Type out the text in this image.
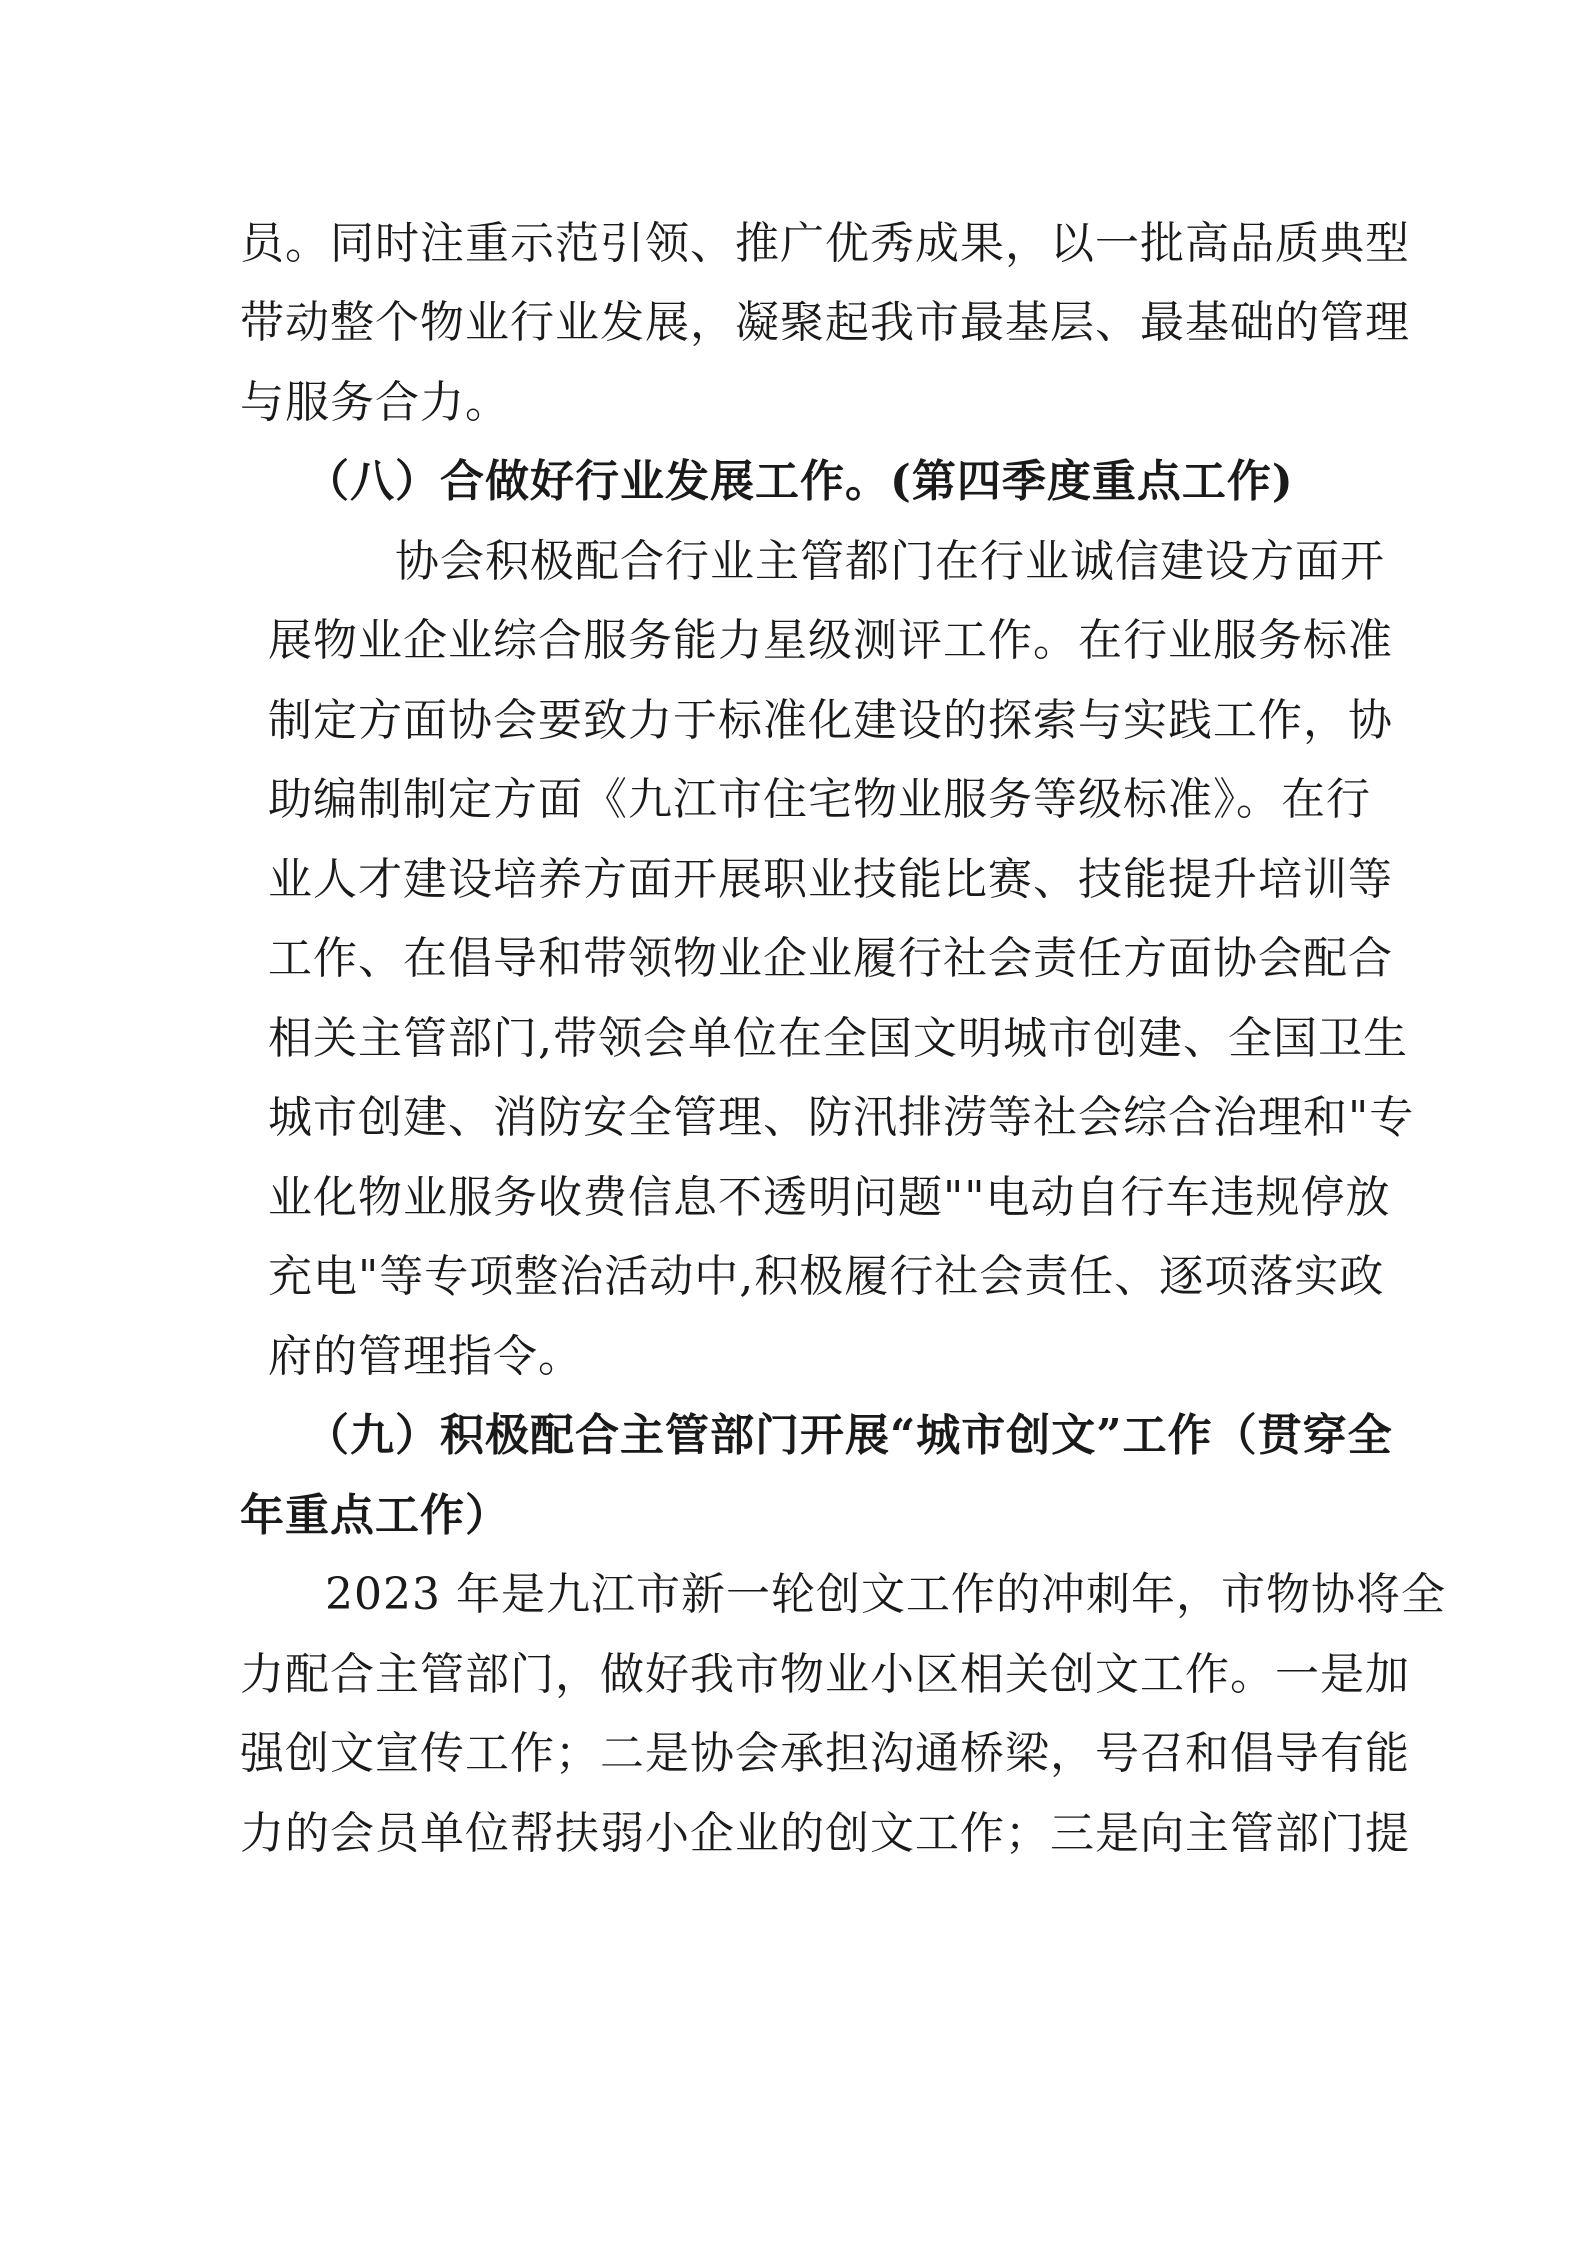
员。同时注重示范引领、推广优秀成果，以一批高品质典型
带动整个物业行业发展，凝聚起我市最基层、最基础的管理
与服务合力。
（八）合做好行业发展工作。(第四季度重点工作)
协会积极配合行业主管都门在行业诚信建设方面开
展物业企业综合服务能力星级测评工作。在行业服务标准
制定方面协会要致力于标准化建设的探索与实践工作，协
助编制制定方面《九江市住宅物业服务等级标准》。在行
业人才建设培养方面开展职业技能比赛、技能提升培训等
工作、在倡导和带领物业企业履行社会责任方面协会配合
相关主管部门,带领会单位在全国文明城市创建、全国卫生
城市创建、消防安全管理、防汛排涝等社会综合治理和"专
业化物业服务收费信息不透明问题""电动自行车违规停放
充电"等专项整治活动中,积极履行社会责任、逐项落实政
府的管理指令。
（九）积极配合主管部门开展“城市创文”工作（贯穿全
年重点工作）
2023 年是九江市新一轮创文工作的冲刺年，市物协将全
力配合主管部门，做好我市物业小区相关创文工作。一是加
强创文宣传工作；二是协会承担沟通桥梁，号召和倡导有能
力的会员单位帮扶弱小企业的创文工作；三是向主管部门提
